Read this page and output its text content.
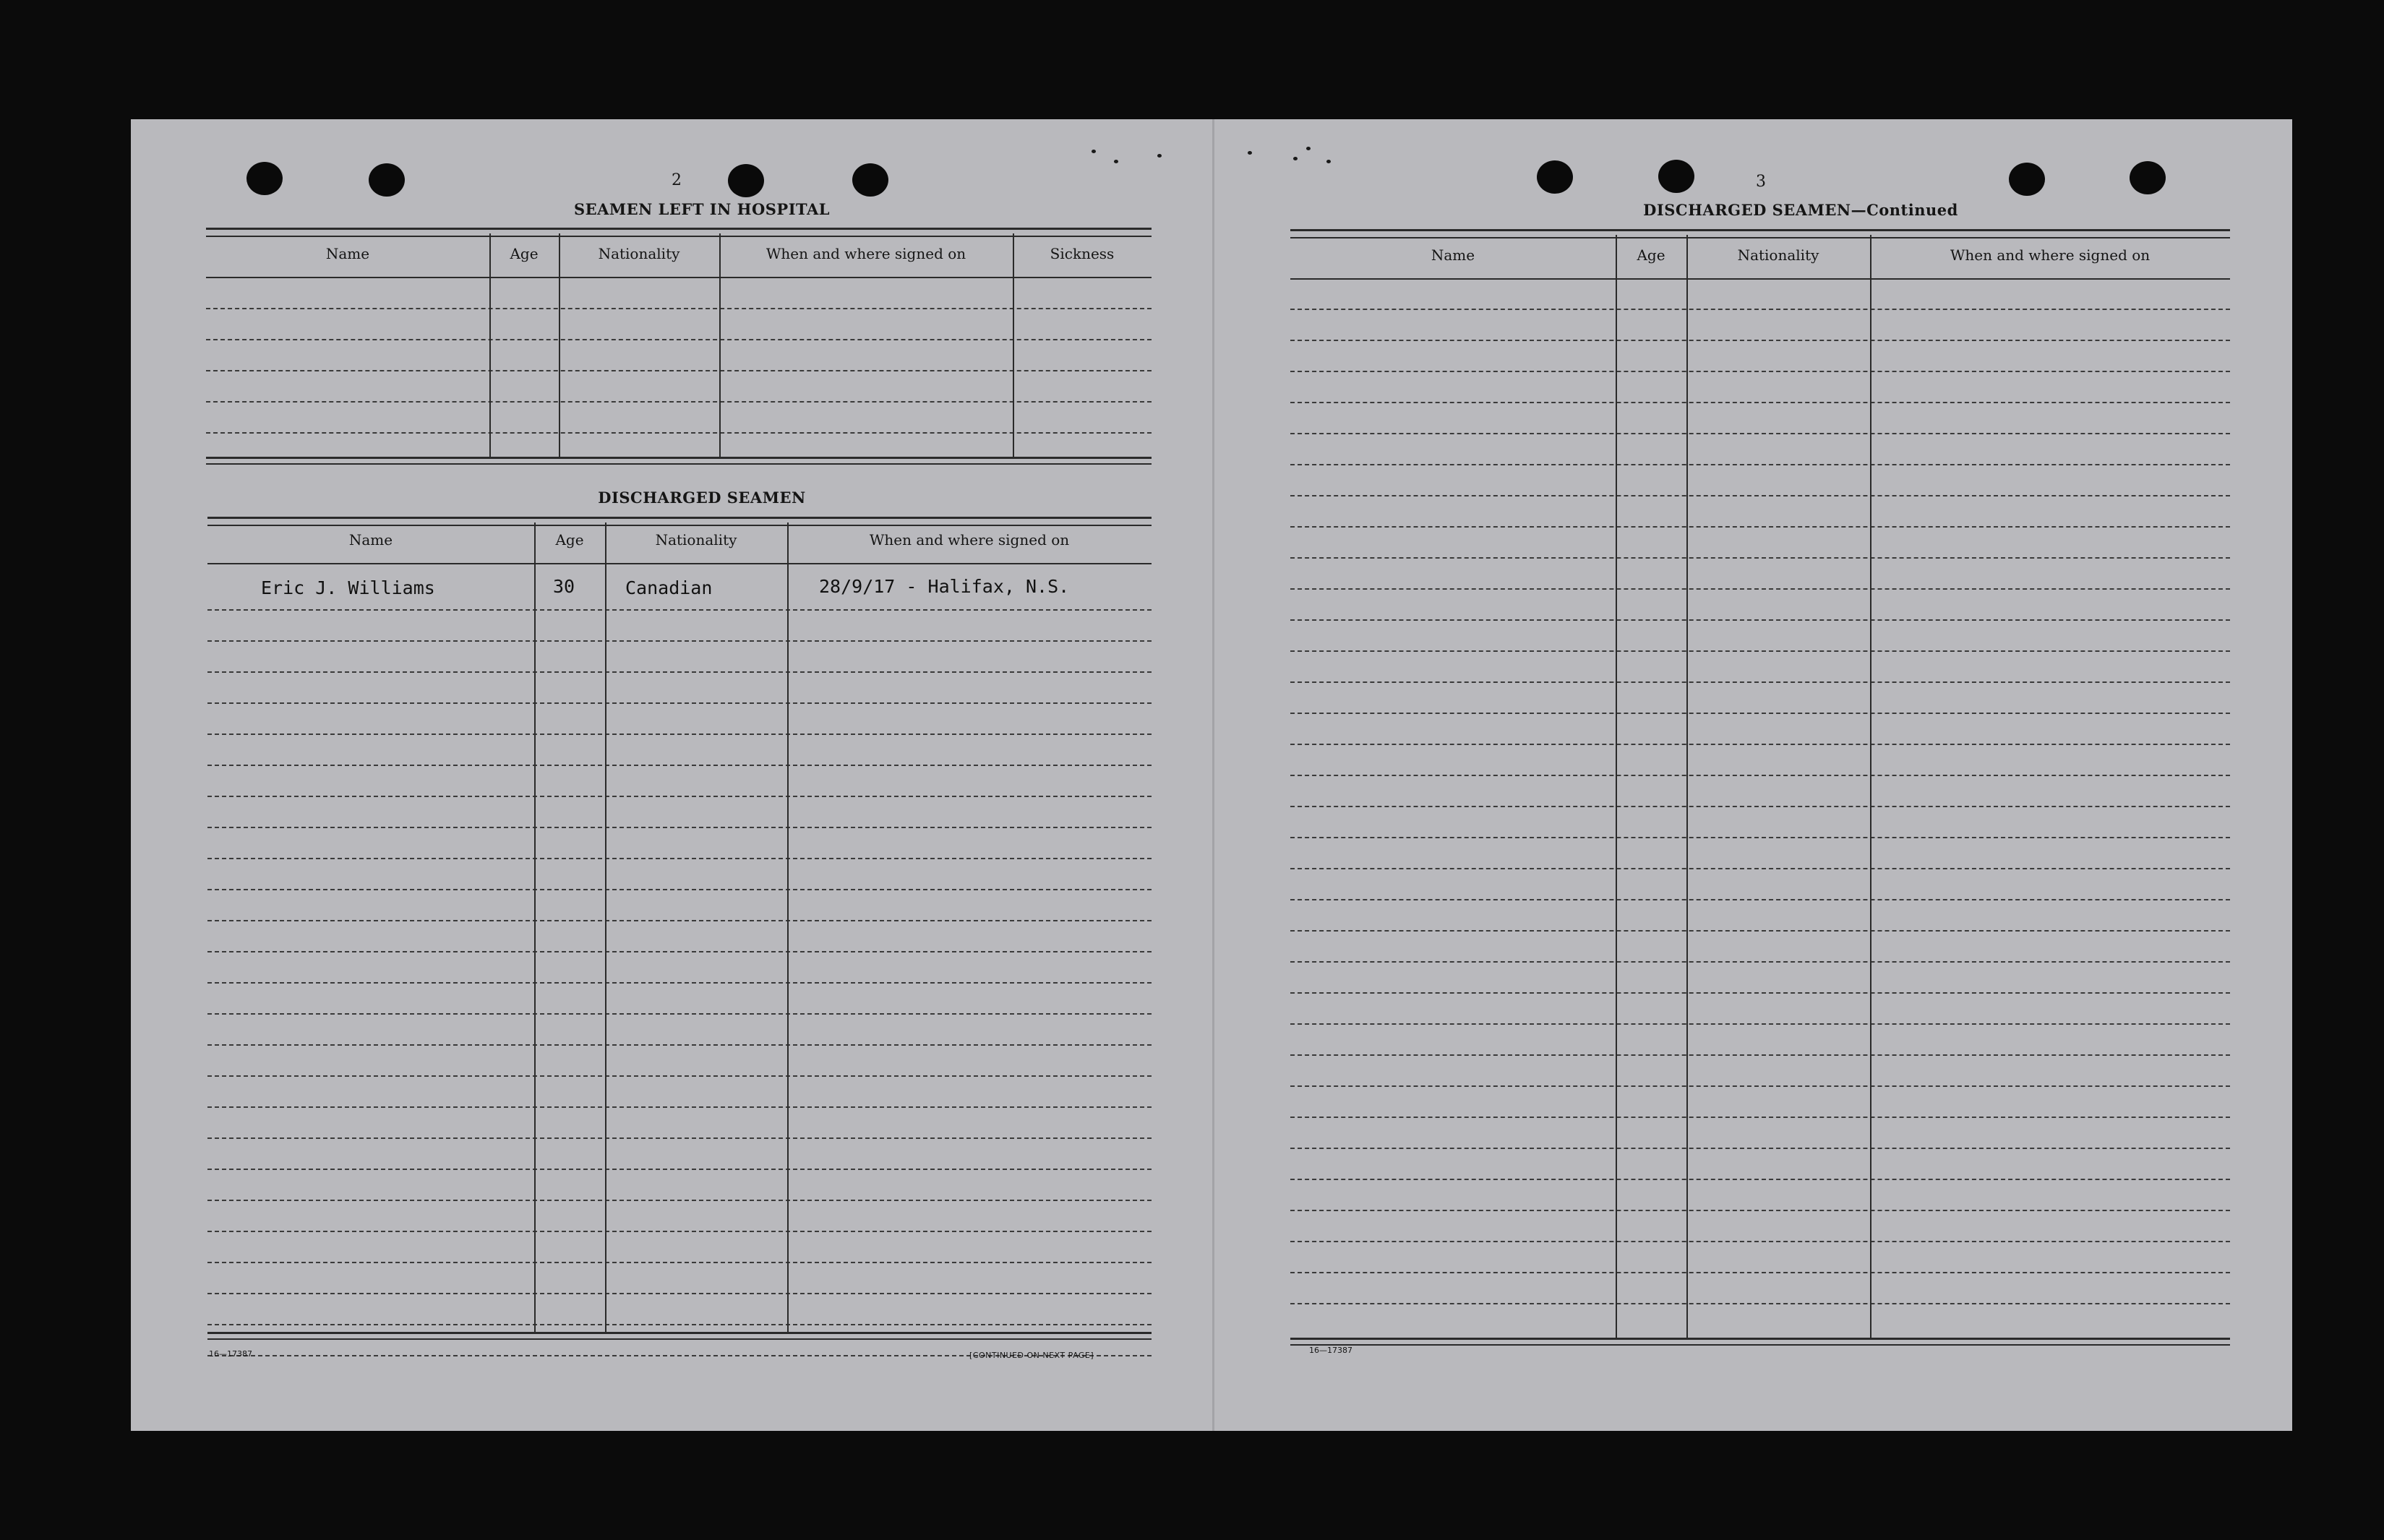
2
SEAMEN LEFT IN HOSPITAL
Name	Age	Nationality	When and where signed on	Sickness
DISCHARGED SEAMEN
Name	Age	Nationality	When and where signed on
Eric J. Williams	30	Canadian	28/9/17 - Halifax, N.S.
16—17387	[CONTINUED ON NEXT PAGE]
3
DISCHARGED SEAMEN—Continued
Name	Age	Nationality	When and where signed on
16—17387
